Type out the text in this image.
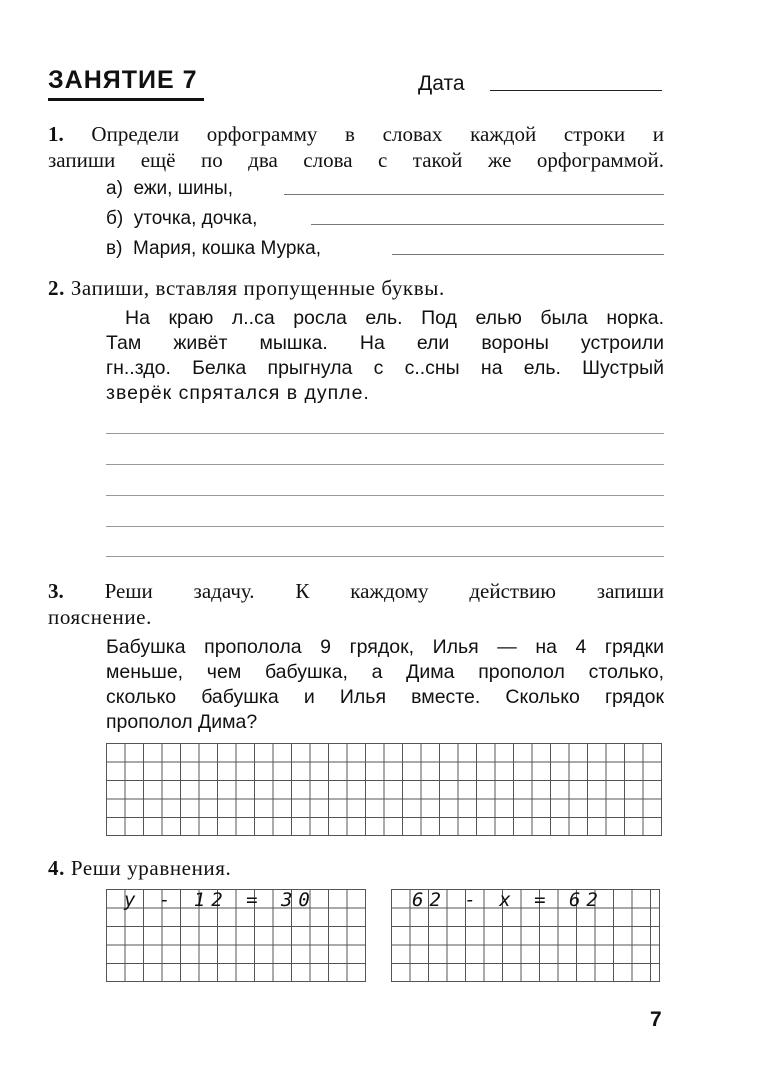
ЗАНЯТИЕ 7	Дата
1. Определи орфограмму в словах каждой строки и
запиши ещё по два слова с такой же орфограммой.
а) ежи, шины,
б) уточка, дочка,
в) Мария, кошка Мурка,
2. Запиши, вставляя пропущенные буквы.
На краю л..са росла ель. Под елью была норка.
Там живёт мышка. На ели вороны устроили
гн..здо. Белка прыгнула с с..сны на ель. Шустрый
зверёк спрятался в дупле.
3. Реши задачу. К каждому действию запиши
пояснение.
Бабушка прополола 9 грядок, Илья — на 4 грядки
меньше, чем бабушка, а Дима прополол столько,
сколько бабушка и Илья вместе. Сколько грядок
прополол Дима?
4. Реши уравнения.
у - 12 = 30	62 - х = 62
7
